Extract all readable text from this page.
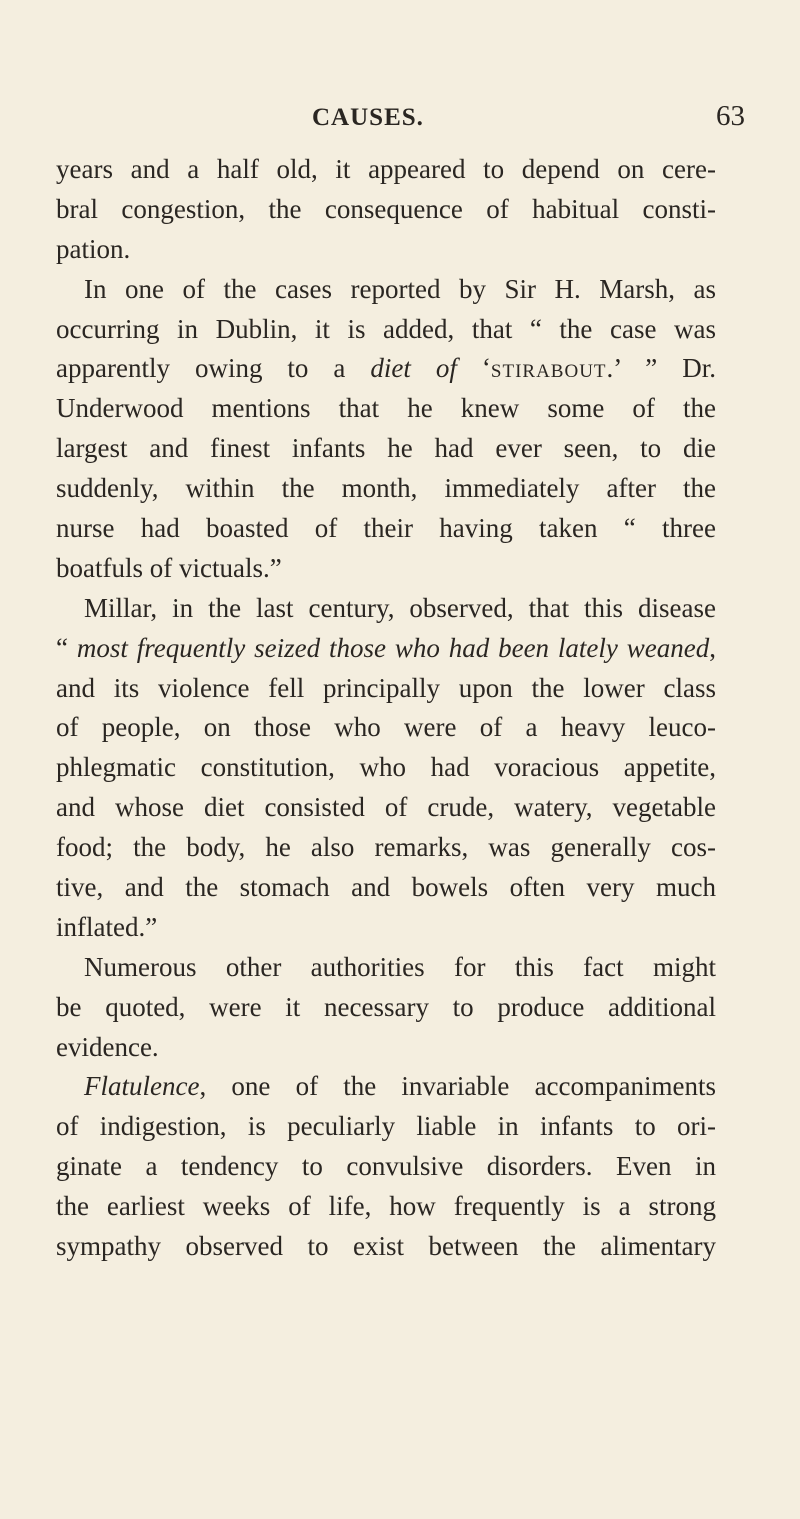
CAUSES.	63
years and a half old, it appeared to depend on cere-
bral congestion, the consequence of habitual consti-
pation.
In one of the cases reported by Sir H. Marsh, as
occurring in Dublin, it is added, that “ the case was
apparently owing to a diet of ‘stirabout.’ ” Dr.
Underwood mentions that he knew some of the
largest and finest infants he had ever seen, to die
suddenly, within the month, immediately after the
nurse had boasted of their having taken “ three
boatfuls of victuals.”
Millar, in the last century, observed, that this disease
“ most frequently seized those who had been lately weaned,
and its violence fell principally upon the lower class
of people, on those who were of a heavy leuco-
phlegmatic constitution, who had voracious appetite,
and whose diet consisted of crude, watery, vegetable
food; the body, he also remarks, was generally cos-
tive, and the stomach and bowels often very much
inflated.”
Numerous other authorities for this fact might
be quoted, were it necessary to produce additional
evidence.
Flatulence, one of the invariable accompaniments
of indigestion, is peculiarly liable in infants to ori-
ginate a tendency to convulsive disorders. Even in
the earliest weeks of life, how frequently is a strong
sympathy observed to exist between the alimentary
